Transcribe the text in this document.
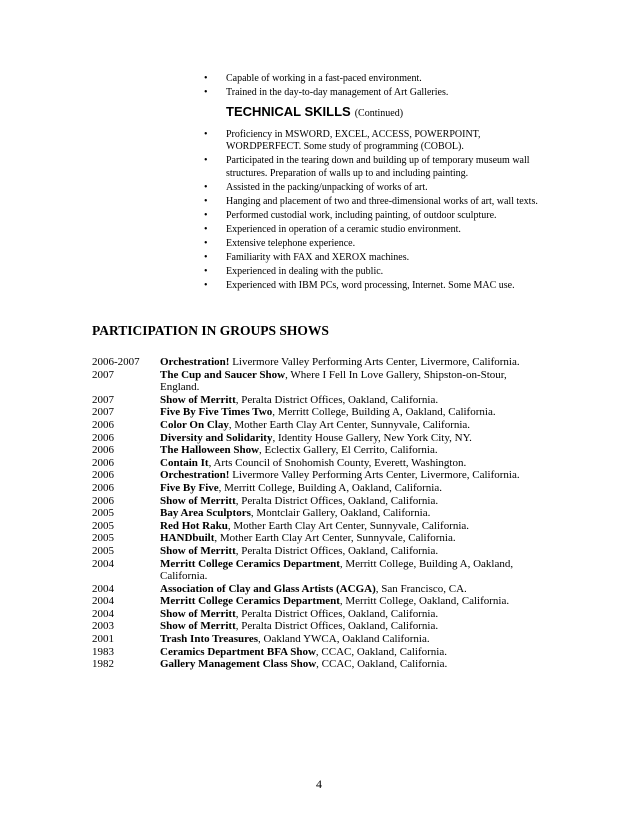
• Capable of working in a fast-paced environment.
• Trained in the day-to-day management of Art Galleries.
TECHNICAL SKILLS (Continued)
• Proficiency in MSWORD, EXCEL, ACCESS, POWERPOINT, WORDPERFECT. Some study of programming (COBOL).
• Participated in the tearing down and building up of temporary museum wall structures. Preparation of walls up to and including painting.
• Assisted in the packing/unpacking of works of art.
• Hanging and placement of two and three-dimensional works of art, wall texts.
• Performed custodial work, including painting, of outdoor sculpture.
• Experienced in operation of a ceramic studio environment.
• Extensive telephone experience.
• Familiarity with FAX and XEROX machines.
• Experienced in dealing with the public.
• Experienced with IBM PCs, word processing, Internet. Some MAC use.
PARTICIPATION IN GROUPS SHOWS
2006-2007	Orchestration! Livermore Valley Performing Arts Center, Livermore, California.
2007	The Cup and Saucer Show, Where I Fell In Love Gallery, Shipston-on-Stour, England.
2007	Show of Merritt, Peralta District Offices, Oakland, California.
2007	Five By Five Times Two, Merritt College, Building A, Oakland, California.
2006	Color On Clay, Mother Earth Clay Art Center, Sunnyvale, California.
2006	Diversity and Solidarity, Identity House Gallery, New York City, NY.
2006	The Halloween Show, Eclectix Gallery, El Cerrito, California.
2006	Contain It, Arts Council of Snohomish County, Everett, Washington.
2006	Orchestration! Livermore Valley Performing Arts Center, Livermore, California.
2006	Five By Five, Merritt College, Building A, Oakland, California.
2006	Show of Merritt, Peralta District Offices, Oakland, California.
2005	Bay Area Sculptors, Montclair Gallery, Oakland, California.
2005	Red Hot Raku, Mother Earth Clay Art Center, Sunnyvale, California.
2005	HANDbuilt, Mother Earth Clay Art Center, Sunnyvale, California.
2005	Show of Merritt, Peralta District Offices, Oakland, California.
2004	Merritt College Ceramics Department, Merritt College, Building A, Oakland, California.
2004	Association of Clay and Glass Artists (ACGA), San Francisco, CA.
2004	Merritt College Ceramics Department, Merritt College, Oakland, California.
2004	Show of Merritt, Peralta District Offices, Oakland, California.
2003	Show of Merritt, Peralta District Offices, Oakland, California.
2001	Trash Into Treasures, Oakland YWCA, Oakland California.
1983	Ceramics Department BFA Show, CCAC, Oakland, California.
1982	Gallery Management Class Show, CCAC, Oakland, California.
4
